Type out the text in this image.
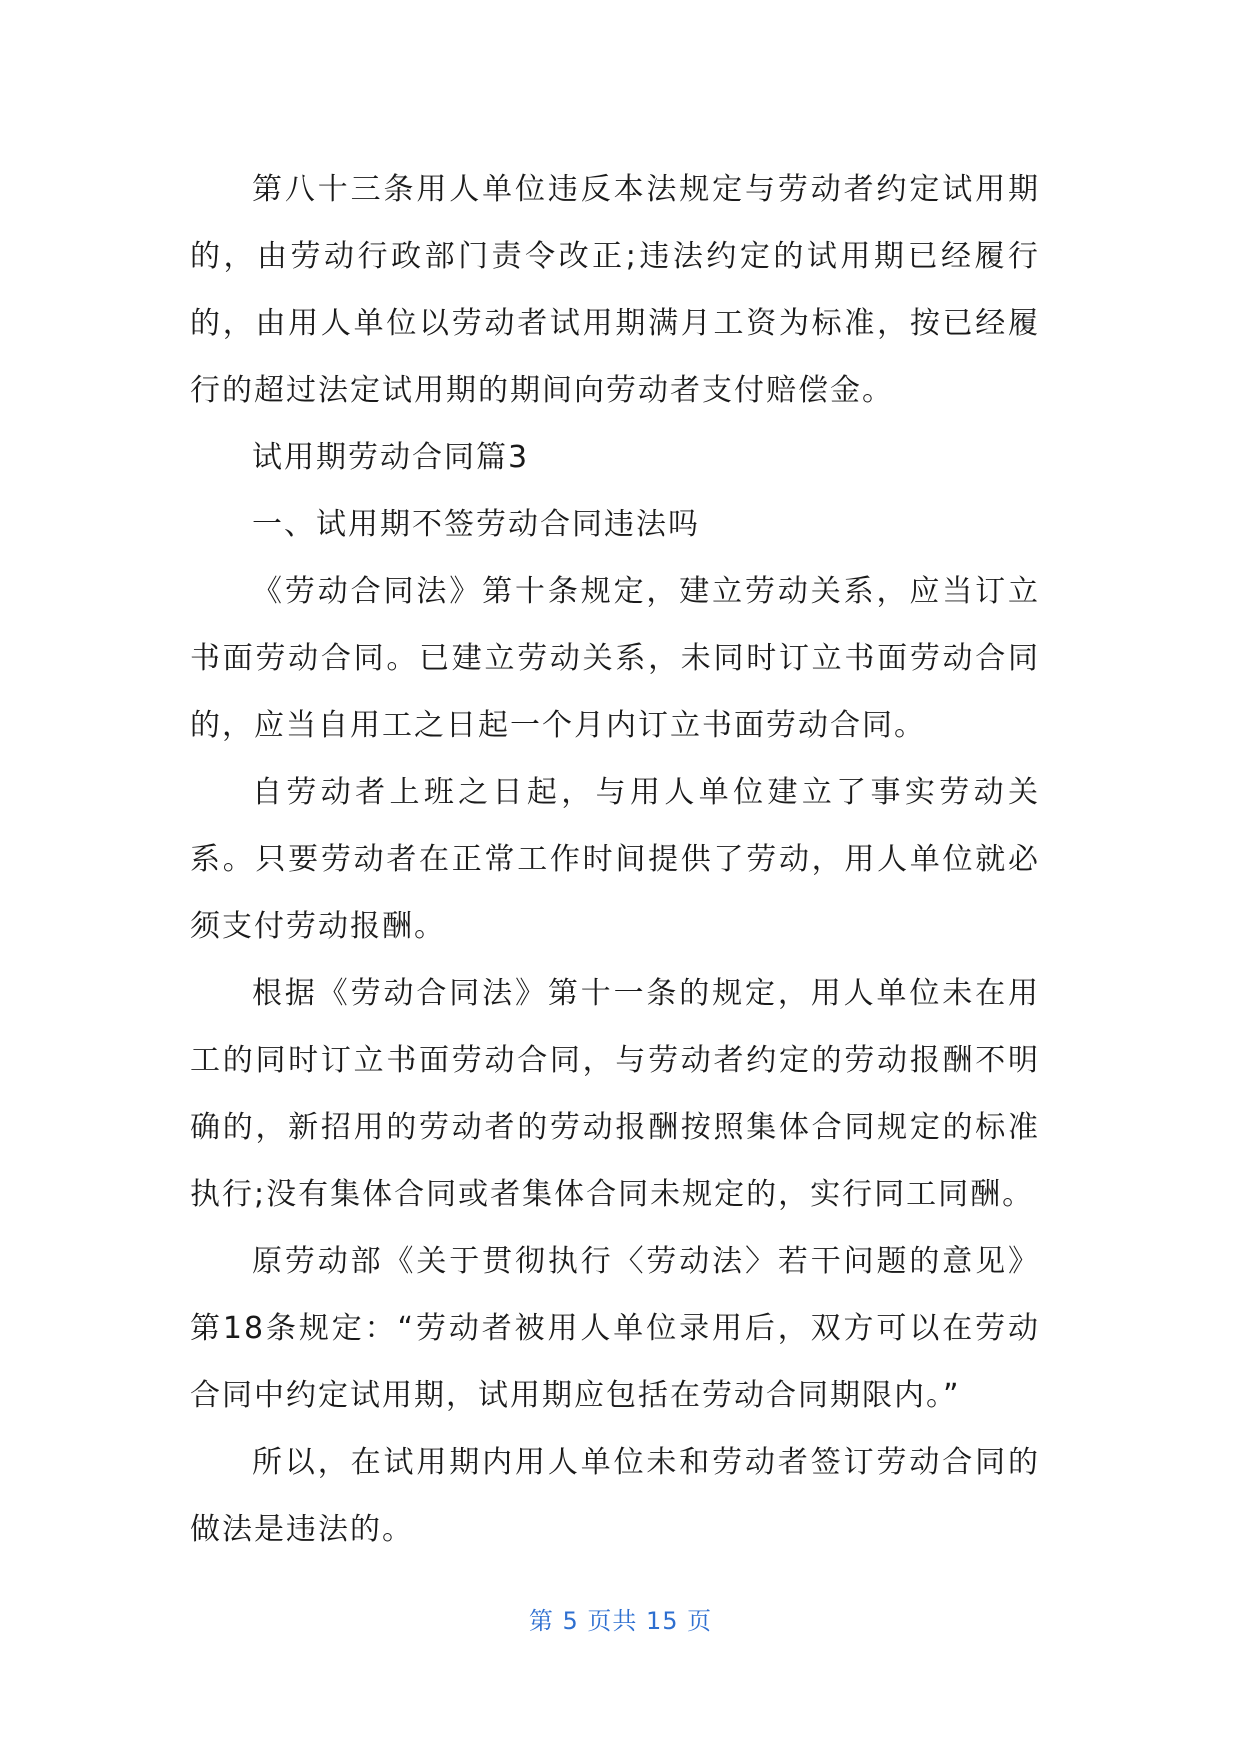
第八十三条用人单位违反本法规定与劳动者约定试用期的，由劳动行政部门责令改正;违法约定的试用期已经履行的，由用人单位以劳动者试用期满月工资为标准，按已经履行的超过法定试用期的期间向劳动者支付赔偿金。

试用期劳动合同篇3

一、试用期不签劳动合同违法吗

《劳动合同法》第十条规定，建立劳动关系，应当订立书面劳动合同。已建立劳动关系，未同时订立书面劳动合同的，应当自用工之日起一个月内订立书面劳动合同。

自劳动者上班之日起，与用人单位建立了事实劳动关系。只要劳动者在正常工作时间提供了劳动，用人单位就必须支付劳动报酬。

根据《劳动合同法》第十一条的规定，用人单位未在用工的同时订立书面劳动合同，与劳动者约定的劳动报酬不明确的，新招用的劳动者的劳动报酬按照集体合同规定的标准执行;没有集体合同或者集体合同未规定的，实行同工同酬。

原劳动部《关于贯彻执行〈劳动法〉若干问题的意见》第18条规定：“劳动者被用人单位录用后，双方可以在劳动合同中约定试用期，试用期应包括在劳动合同期限内。”

所以，在试用期内用人单位未和劳动者签订劳动合同的做法是违法的。

第 5 页共 15 页
